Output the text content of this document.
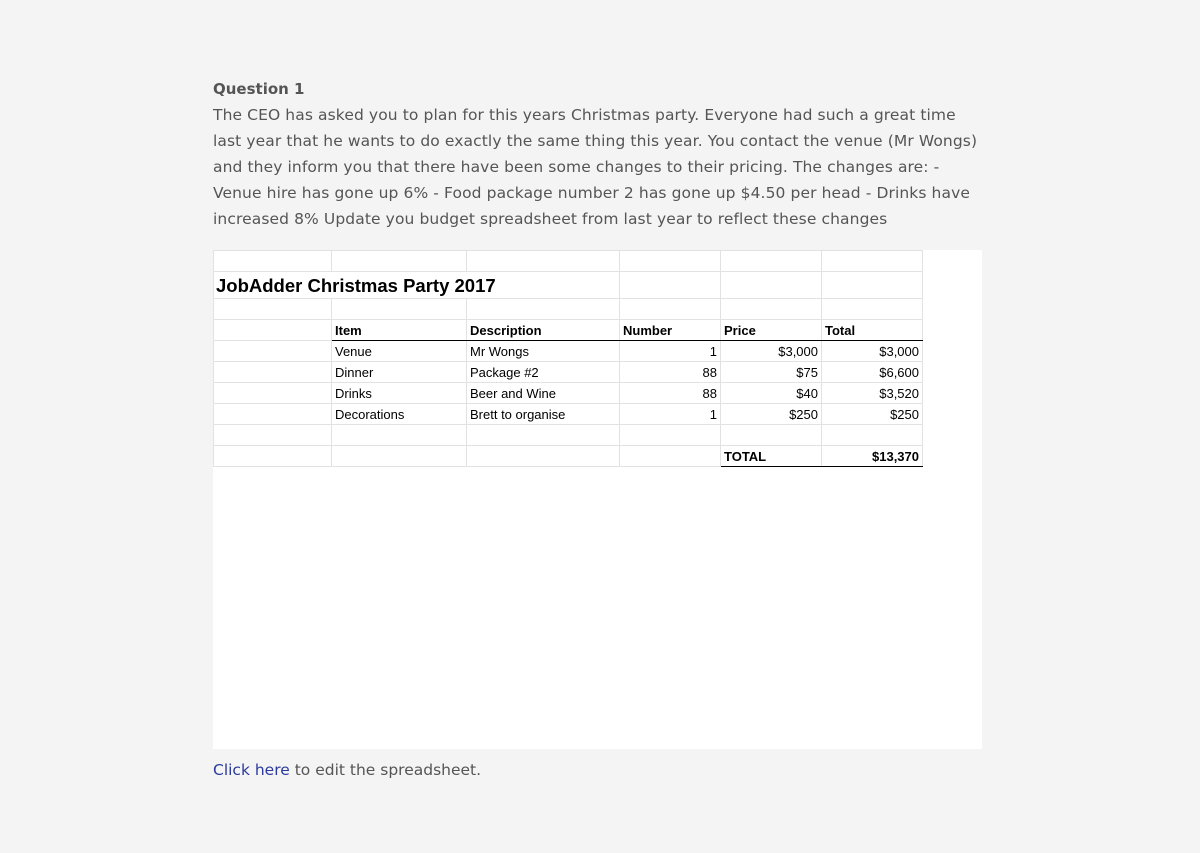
Question 1
The CEO has asked you to plan for this years Christmas party. Everyone had such a great time last year that he wants to do exactly the same thing this year. You contact the venue (Mr Wongs) and they inform you that there have been some changes to their pricing. The changes are: - Venue hire has gone up 6% - Food package number 2 has gone up $4.50 per head - Drinks have increased 8% Update you budget spreadsheet from last year to reflect these changes

JobAdder Christmas Party 2017					

	Item	Description	Number	Price	Total
	Venue	Mr Wongs	1	$3,000	$3,000
	Dinner	Package #2	88	$75	$6,600
	Drinks	Beer and Wine	88	$40	$3,520
	Decorations	Brett to organise	1	$250	$250

				TOTAL	$13,370
Click here to edit the spreadsheet.
